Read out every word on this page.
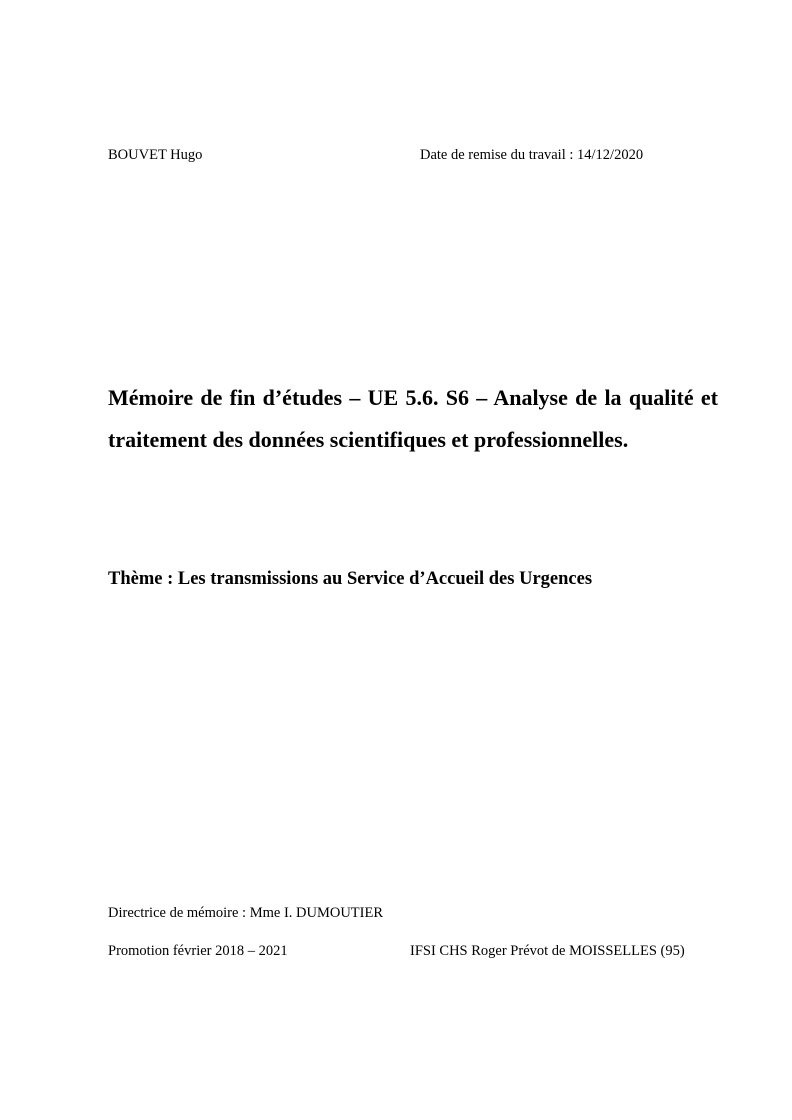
BOUVET Hugo	Date de remise du travail : 14/12/2020
Mémoire de fin d’études – UE 5.6. S6 – Analyse de la qualité et traitement des données scientifiques et professionnelles.
Thème : Les transmissions au Service d’Accueil des Urgences
Directrice de mémoire : Mme I. DUMOUTIER
Promotion février 2018 – 2021	IFSI CHS Roger Prévot de MOISSELLES (95)
